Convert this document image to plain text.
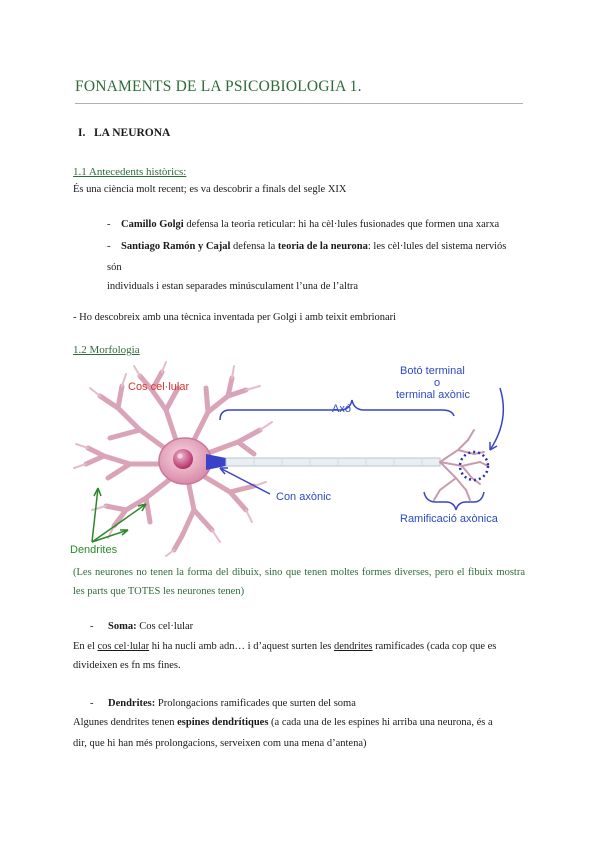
FONAMENTS DE LA PSICOBIOLOGIA 1.
I. LA NEURONA
1.1 Antecedents històrics:
És una ciència molt recent; es va descobrir a finals del segle XIX
- Camillo Golgi defensa la teoria reticular: hi ha cèl·lules fusionades que formen una xarxa
- Santiago Ramón y Cajal defensa la teoria de la neurona: les cèl·lules del sistema nerviós
són
individuals i estan separades minúsculament l’una de l’altra
- Ho descobreix amb una tècnica inventada per Golgi i amb teixit embrionari
1.2 Morfologia
Cos cel·lular
Botó terminal
o
terminal axònic
Axó
Con axònic
Ramificació axònica
Dendrites
(Les neurones no tenen la forma del dibuix, sino que tenen moltes formes diverses, pero el fibuix mostra les parts que TOTES les neurones tenen)
- Soma: Cos cel·lular
En el cos cel·lular hi ha nucli amb adn… i d’aquest surten les dendrites ramificades (cada cop que es
divideixen es fn ms fines.
- Dendrites: Prolongacions ramificades que surten del soma
Algunes dendrites tenen espines dendrítiques (a cada una de les espines hi arriba una neurona, és a
dir, que hi han més prolongacions, serveixen com una mena d’antena)
